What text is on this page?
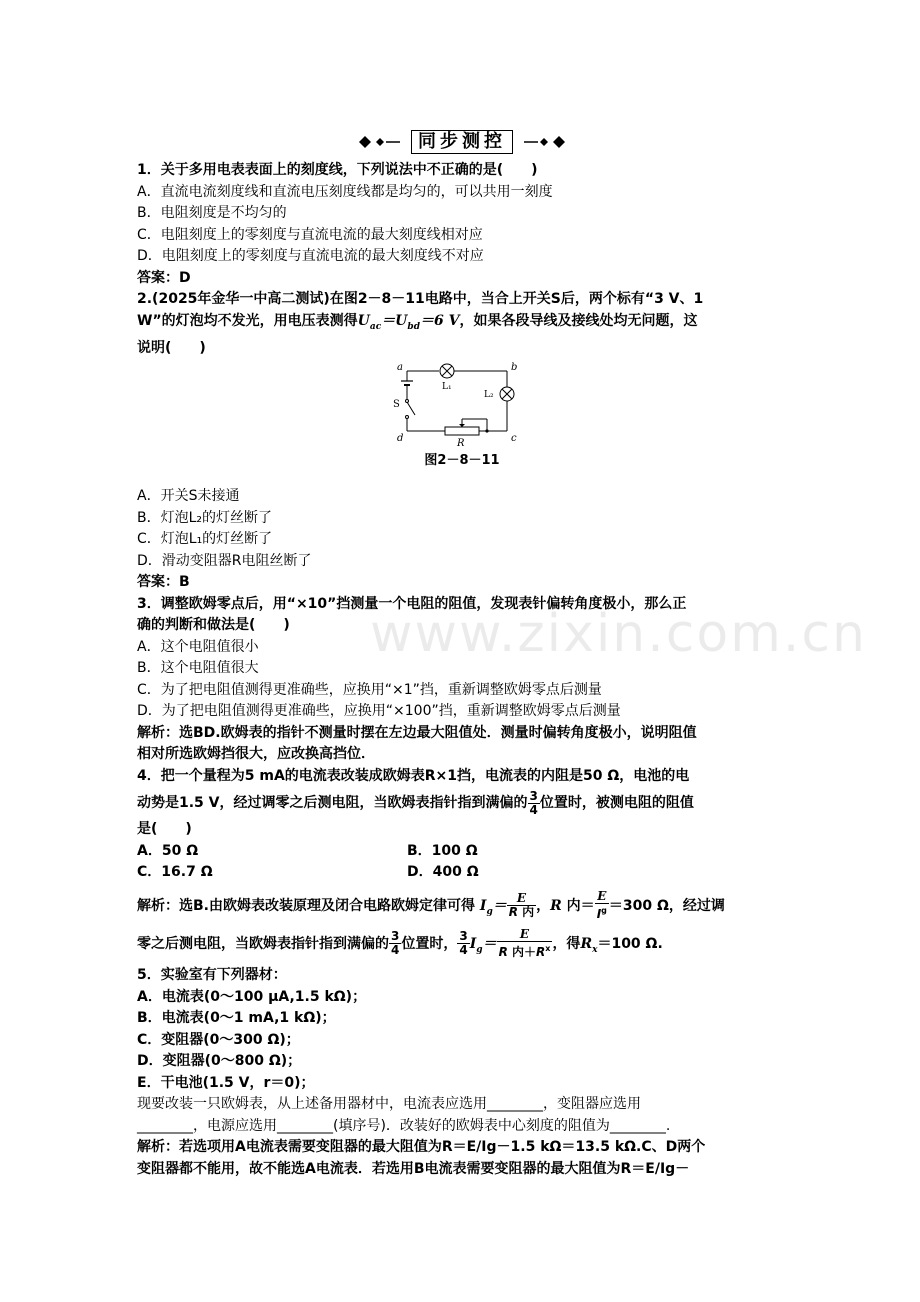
www.zixin.com.cn
同步测控
1．关于多用电表表面上的刻度线，下列说法中不正确的是(　　)
A．直流电流刻度线和直流电压刻度线都是均匀的，可以共用一刻度
B．电阻刻度是不均匀的
C．电阻刻度上的零刻度与直流电流的最大刻度线相对应
D．电阻刻度上的零刻度与直流电流的最大刻度线不对应
答案：D
2.(2025年金华一中高二测试)在图2－8－11电路中，当合上开关S后，两个标有“3 V、1
W”的灯泡均不发光，用电压表测得$U_{ac}=U_{bd}=6$ V，如果各段导线及接线处均无问题，这
说明(　　)
a	b
c
d
S
L₁
L₂
R
图2－8－11
A．开关S未接通
B．灯泡L₂的灯丝断了
C．灯泡L₁的灯丝断了
D．滑动变阻器R电阻丝断了
答案：B
3．调整欧姆零点后，用“×10”挡测量一个电阻的阻值，发现表针偏转角度极小，那么正
确的判断和做法是(　　)
A．这个电阻值很小
B．这个电阻值很大
C．为了把电阻值测得更准确些，应换用“×1”挡，重新调整欧姆零点后测量
D．为了把电阻值测得更准确些，应换用“×100”挡，重新调整欧姆零点后测量
解析：选BD.欧姆表的指针不测量时摆在左边最大阻值处．测量时偏转角度极小，说明阻值
相对所选欧姆挡很大，应改换高挡位．
4．把一个量程为5 mA的电流表改装成欧姆表R×1挡，电流表的内阻是50 Ω，电池的电
动势是1.5 V，经过调零之后测电阻，当欧姆表指针指到满偏的 $\frac{3}{4}$ 位置时，被测电阻的阻值
是(　　)
A．50 Ω	B．100 Ω
C．16.7 Ω	D．400 Ω
解析：选B.由欧姆表改装原理及闭合电路欧姆定律可得 $I_g= \frac{E}{\text{R 内}}$ ，R 内＝ $\frac{E}{I^g} =300$ Ω，经过调
零之后测电阻，当欧姆表指针指到满偏的 $\frac{3}{4}$ 位置时， $\frac{3}{4} I_g= \frac{E}{R 内+R^x}$ ，得$R_x=100$ Ω.
5．实验室有下列器材：
A．电流表(0～100 μA,1.5 kΩ)；
B．电流表(0～1 mA,1 kΩ)；
C．变阻器(0～300 Ω)；
D．变阻器(0～800 Ω)；
E．干电池(1.5 V，r＝0)；
现要改装一只欧姆表，从上述备用器材中，电流表应选用________，变阻器应选用
________，电源应选用________(填序号)．改装好的欧姆表中心刻度的阻值为________.
解析：若选项用A电流表需要变阻器的最大阻值为R＝E/Ig－1.5 kΩ＝13.5 kΩ.C、D两个
变阻器都不能用，故不能选A电流表．若选用B电流表需要变阻器的最大阻值为R＝E/Ig－
